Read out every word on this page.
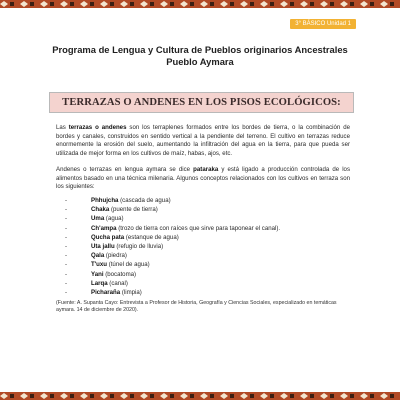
3° BÁSICO Unidad 1
Programa de Lengua y Cultura de Pueblos originarios Ancestrales
Pueblo Aymara
TERRAZAS O ANDENES EN LOS PISOS ECOLÓGICOS:

Las terrazas o andenes son los terraplenes formados entre los bordes de tierra, o la combinación de bordes y canales, construidos en sentido vertical a la pendiente del terreno. El cultivo en terrazas reduce enormemente la erosión del suelo, aumentando la infiltración del agua en la tierra, para que pueda ser utilizada de mejor forma en los cultivos de maíz, habas, ajos, etc.

Andenes o terrazas en lengua aymara se dice pataraka y está ligado a producción controlada de los alimentos basado en una técnica milenaria. Algunos conceptos relacionados con los cultivos en terraza son los siguientes:

-	Phhujcha (cascada de agua)
-	Chaka (puente de tierra)
-	Uma (agua)
-	Ch'ampa (trozo de tierra con raíces que sirve para taponear el canal).
-	Qucha pata (estanque de agua)
-	Uta jallu (refugio de lluvia)
-	Qala (piedra)
-	T'uxu (túnel de agua)
-	Yani (bocatoma)
-	Larqa (canal)
-	Picharaña (limpia)
(Fuente: A. Supanta Cayo: Entrevista a Profesor de Historia, Geografía y Ciencias Sociales, especializado en temáticas aymara. 14 de diciembre de 2020).
